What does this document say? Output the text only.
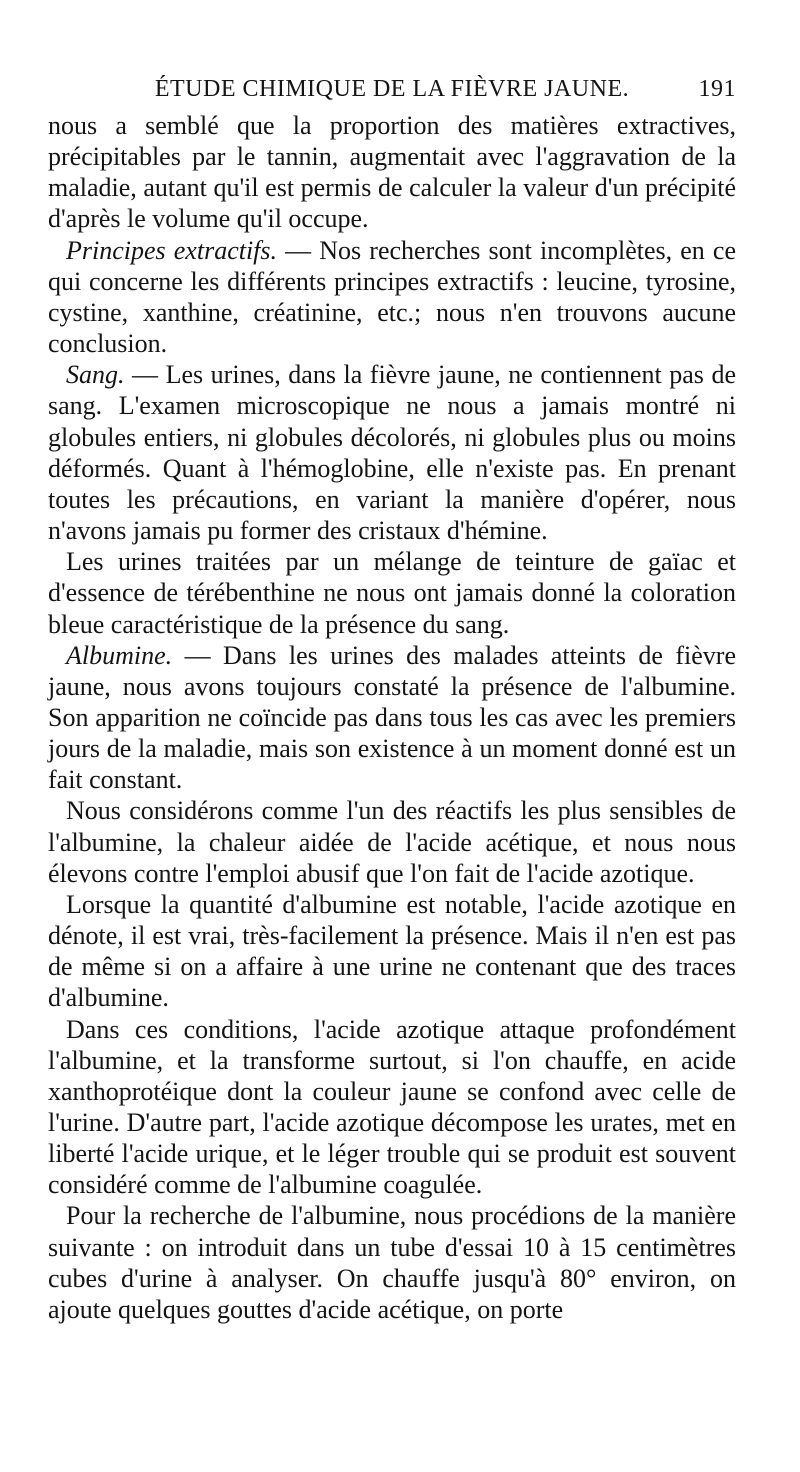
ÉTUDE CHIMIQUE DE LA FIÈVRE JAUNE.	191

nous a semblé que la proportion des matières extractives, précipitables par le tannin, augmentait avec l'aggravation de la maladie, autant qu'il est permis de calculer la valeur d'un précipité d'après le volume qu'il occupe.

Principes extractifs. — Nos recherches sont incomplètes, en ce qui concerne les différents principes extractifs : leucine, tyrosine, cystine, xanthine, créatinine, etc.; nous n'en trouvons aucune conclusion.

Sang. — Les urines, dans la fièvre jaune, ne contiennent pas de sang. L'examen microscopique ne nous a jamais montré ni globules entiers, ni globules décolorés, ni globules plus ou moins déformés. Quant à l'hémoglobine, elle n'existe pas. En prenant toutes les précautions, en variant la manière d'opérer, nous n'avons jamais pu former des cristaux d'hémine.

Les urines traitées par un mélange de teinture de gaïac et d'essence de térébenthine ne nous ont jamais donné la coloration bleue caractéristique de la présence du sang.

Albumine. — Dans les urines des malades atteints de fièvre jaune, nous avons toujours constaté la présence de l'albumine. Son apparition ne coïncide pas dans tous les cas avec les premiers jours de la maladie, mais son existence à un moment donné est un fait constant.

Nous considérons comme l'un des réactifs les plus sensibles de l'albumine, la chaleur aidée de l'acide acétique, et nous nous élevons contre l'emploi abusif que l'on fait de l'acide azotique.

Lorsque la quantité d'albumine est notable, l'acide azotique en dénote, il est vrai, très-facilement la présence. Mais il n'en est pas de même si on a affaire à une urine ne contenant que des traces d'albumine.

Dans ces conditions, l'acide azotique attaque profondément l'albumine, et la transforme surtout, si l'on chauffe, en acide xanthoprotéique dont la couleur jaune se confond avec celle de l'urine. D'autre part, l'acide azotique décompose les urates, met en liberté l'acide urique, et le léger trouble qui se produit est souvent considéré comme de l'albumine coagulée.

Pour la recherche de l'albumine, nous procédions de la manière suivante : on introduit dans un tube d'essai 10 à 15 centimètres cubes d'urine à analyser. On chauffe jusqu'à 80° environ, on ajoute quelques gouttes d'acide acétique, on porte
